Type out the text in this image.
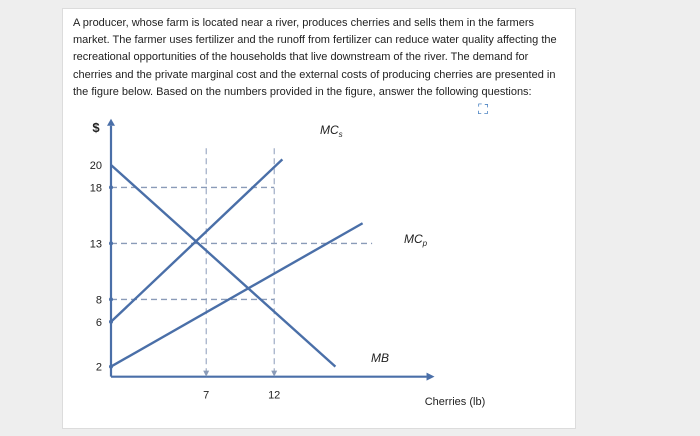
A producer, whose farm is located near a river, produces cherries and sells them in the farmers market. The farmer uses fertilizer and the runoff from fertilizer can reduce water quality affecting the recreational opportunities of the households that live downstream of the river. The demand for cherries and the private marginal cost and the external costs of producing cherries are presented in the figure below. Based on the numbers provided in the figure, answer the following questions:

⛶
2
6
8
13
18
20
7	12
$
Cherries (lb)
$MC_s$
$MC_p$
MB
